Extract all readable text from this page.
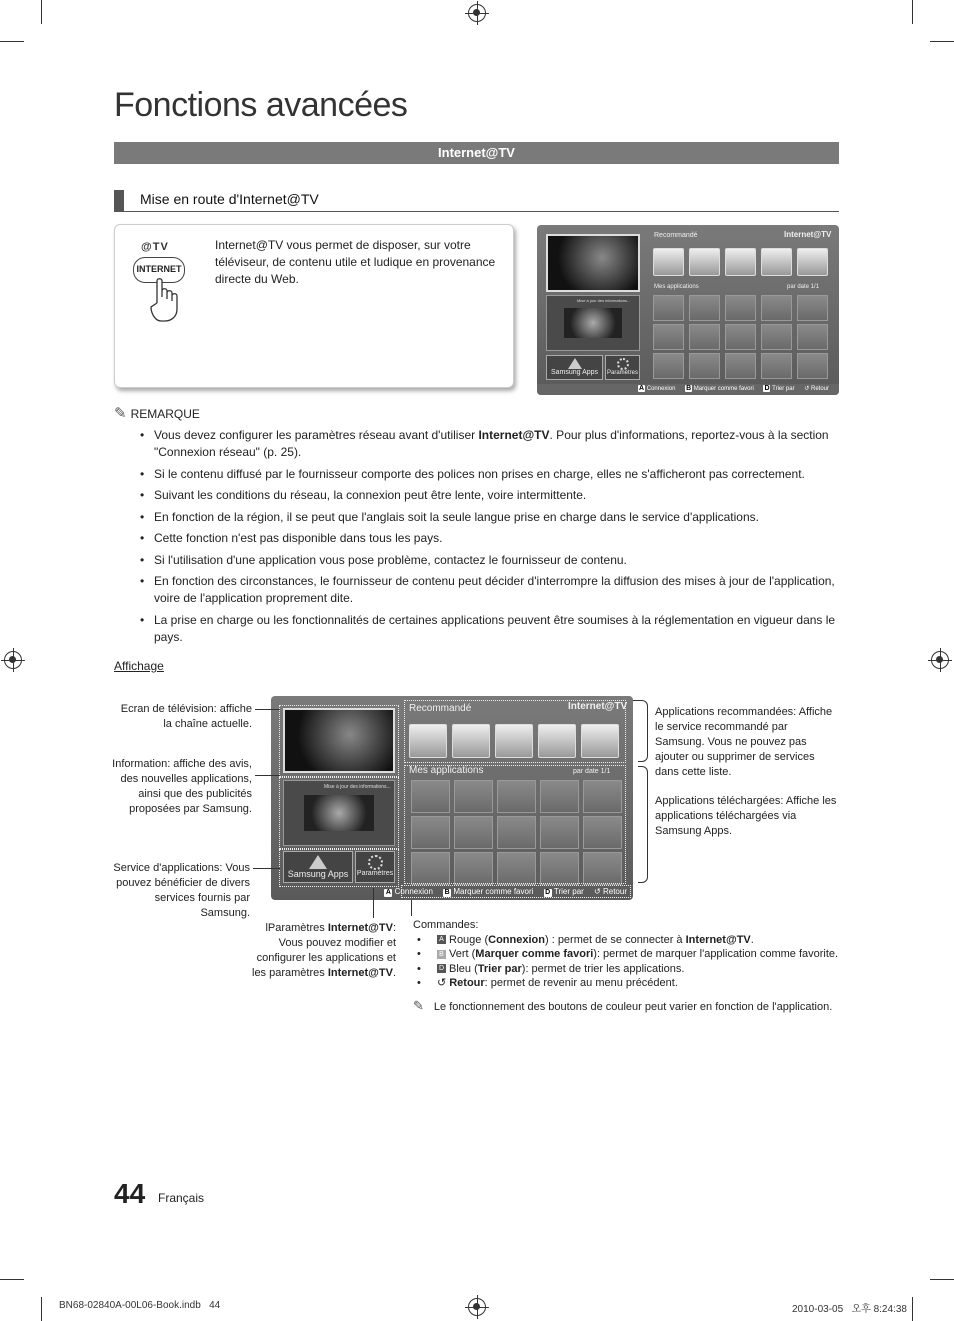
Fonctions avancées
Internet@TV
Mise en route d'Internet@TV
@TV
INTERNET
Internet@TV vous permet de disposer, sur votre téléviseur, de contenu utile et ludique en provenance directe du Web.
Mise à jour des informations...
Samsung Apps	Paramètres
Recommandé	Internet@TV
Mes applications	par date 1/1
A Connexion B Marquer comme favori D Trier par ↺ Retour
✎ REMARQUE
• Vous devez configurer les paramètres réseau avant d'utiliser Internet@TV. Pour plus d'informations, reportez-vous à la section "Connexion réseau" (p. 25).
• Si le contenu diffusé par le fournisseur comporte des polices non prises en charge, elles ne s'afficheront pas correctement.
• Suivant les conditions du réseau, la connexion peut être lente, voire intermittente.
• En fonction de la région, il se peut que l'anglais soit la seule langue prise en charge dans le service d'applications.
• Cette fonction n'est pas disponible dans tous les pays.
• Si l'utilisation d'une application vous pose problème, contactez le fournisseur de contenu.
• En fonction des circonstances, le fournisseur de contenu peut décider d'interrompre la diffusion des mises à jour de l'application, voire de l'application proprement dite.
• La prise en charge ou les fonctionnalités de certaines applications peuvent être soumises à la réglementation en vigueur dans le pays.
Affichage
Mise à jour des informations...
Samsung Apps	Paramètres
Recommandé	Internet@TV
Mes applications	par date 1/1
A Connexion B Marquer comme favori D Trier par ↺ Retour
Ecran de télévision: affiche la chaîne actuelle.
Information: affiche des avis, des nouvelles applications, ainsi que des publicités proposées par Samsung.
Service d'applications: Vous pouvez bénéficier de divers services fournis par Samsung.
lParamètres Internet@TV: Vous pouvez modifier et configurer les applications et les paramètres Internet@TV.
Applications recommandées: Affiche le service recommandé par Samsung. Vous ne pouvez pas ajouter ou supprimer de services dans cette liste.
Applications téléchargées: Affiche les applications téléchargées via Samsung Apps.
Commandes:
• A Rouge (Connexion) : permet de se connecter à Internet@TV.
• B Vert (Marquer comme favori): permet de marquer l'application comme favorite.
• D Bleu (Trier par): permet de trier les applications.
• ↺ Retour: permet de revenir au menu précédent.
✎ Le fonctionnement des boutons de couleur peut varier en fonction de l'application.
44 Français
BN68-02840A-00L06-Book.indb   44	2010-03-05   오후 8:24:38
